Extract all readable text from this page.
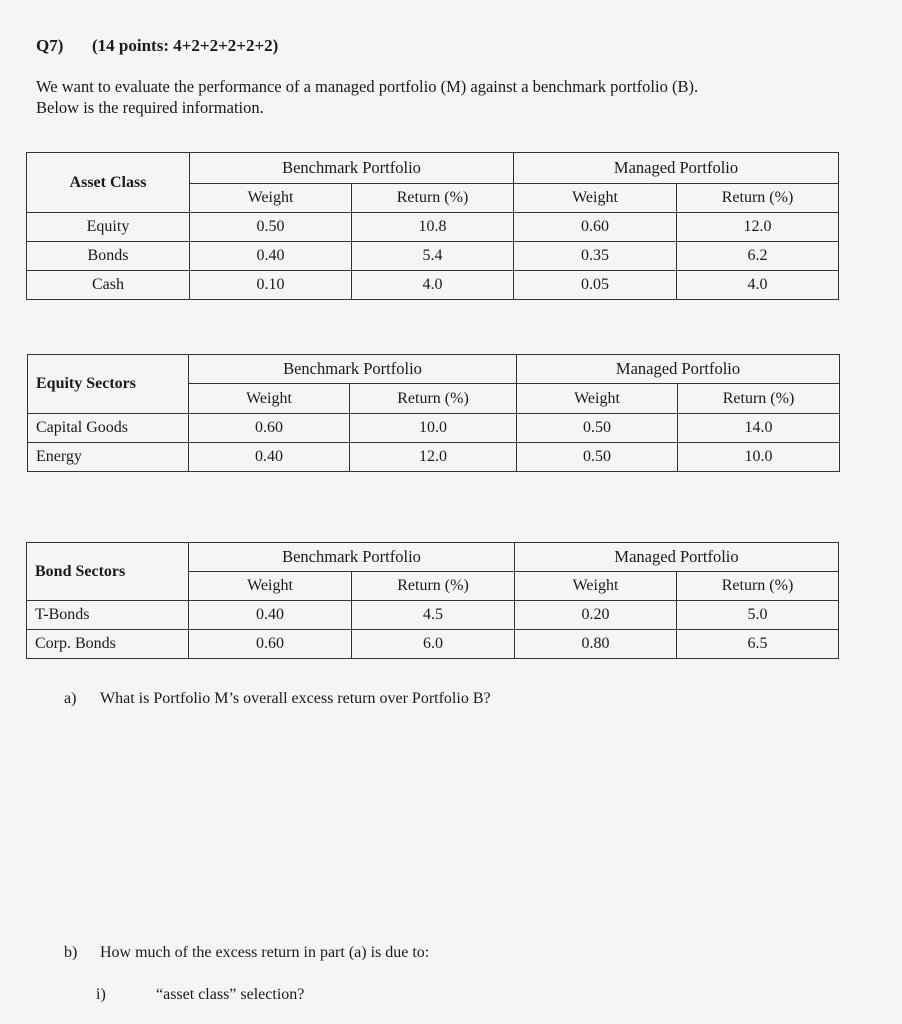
Q7) (14 points: 4+2+2+2+2+2)
We want to evaluate the performance of a managed portfolio (M) against a benchmark portfolio (B).
Below is the required information.
Asset Class	Benchmark Portfolio		Managed Portfolio	
	Weight	Return (%)	Weight	Return (%)
Equity	0.50	10.8	0.60	12.0
Bonds	0.40	5.4	0.35	6.2
Cash	0.10	4.0	0.05	4.0
Equity Sectors	Benchmark Portfolio		Managed Portfolio	
	Weight	Return (%)	Weight	Return (%)
Capital Goods	0.60	10.0	0.50	14.0
Energy	0.40	12.0	0.50	10.0
Bond Sectors	Benchmark Portfolio		Managed Portfolio	
	Weight	Return (%)	Weight	Return (%)
T-Bonds	0.40	4.5	0.20	5.0
Corp. Bonds	0.60	6.0	0.80	6.5
a) What is Portfolio M’s overall excess return over Portfolio B?
b) How much of the excess return in part (a) is due to:
i)	“asset class” selection?
